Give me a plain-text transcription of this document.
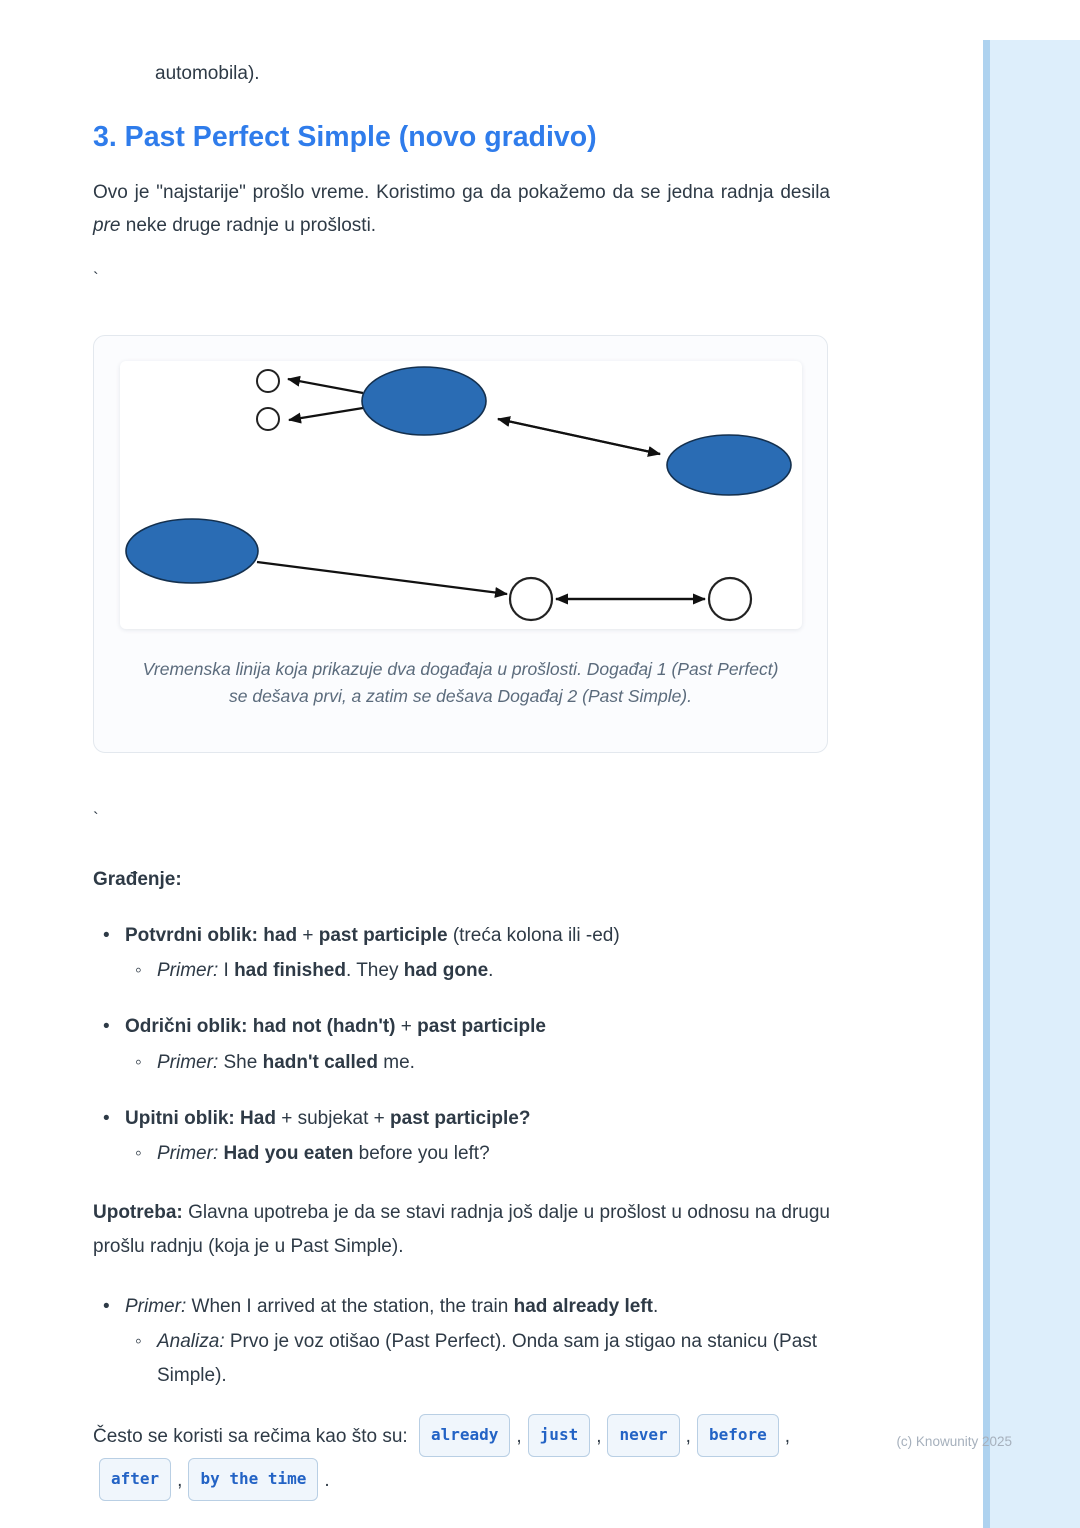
automobila).
3. Past Perfect Simple (novo gradivo)

Ovo je "najstarije" prošlo vreme. Koristimo ga da pokažemo da se jedna radnja desila pre neke druge radnje u prošlosti.

`
Vremenska linija koja prikazuje dva događaja u prošlosti. Događaj 1 (Past Perfect) se dešava prvi, a zatim se dešava Događaj 2 (Past Simple).
`
Građenje:
• Potvrdni oblik: had + past participle (treća kolona ili -ed)
◦ Primer: I had finished. They had gone.
• Odrični oblik: had not (hadn't) + past participle
◦ Primer: She hadn't called me.
• Upitni oblik: Had + subjekat + past participle?
◦ Primer: Had you eaten before you left?

Upotreba: Glavna upotreba je da se stavi radnja još dalje u prošlost u odnosu na drugu prošlu radnju (koja je u Past Simple).

• Primer: When I arrived at the station, the train had already left.
◦ Analiza: Prvo je voz otišao (Past Perfect). Onda sam ja stigao na stanicu (Past Simple).

Često se koristi sa rečima kao što su: already , just , never , before ,
after , by the time .

(c) Knowunity 2025
